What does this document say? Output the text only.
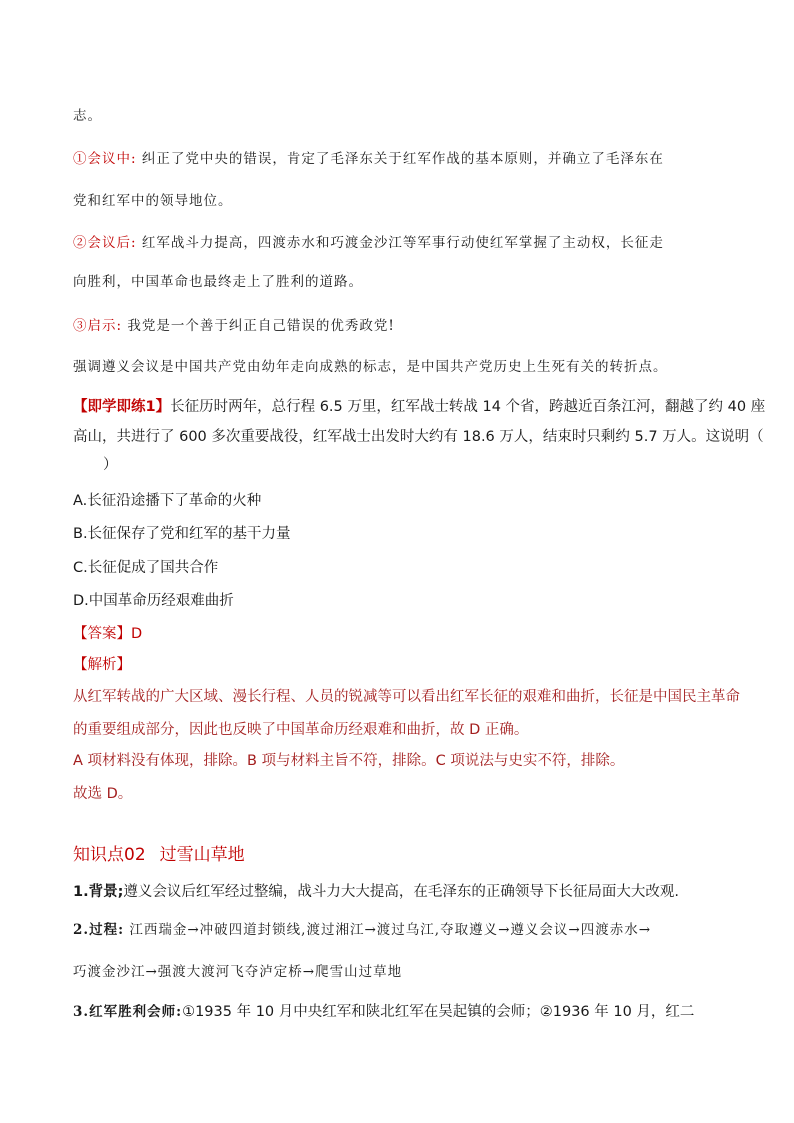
志。
①会议中: 纠正了党中央的错误，肯定了毛泽东关于红军作战的基本原则，并确立了毛泽东在
党和红军中的领导地位。
②会议后: 红军战斗力提高，四渡赤水和巧渡金沙江等军事行动使红军掌握了主动权，长征走
向胜利，中国革命也最终走上了胜利的道路。
③启示: 我党是一个善于纠正自己错误的优秀政党!
强调遵义会议是中国共产党由幼年走向成熟的标志，是中国共产党历史上生死有关的转折点。
【即学即练1】长征历时两年，总行程 6.5 万里，红军战士转战 14 个省，跨越近百条江河，翻越了约 40 座
高山，共进行了 600 多次重要战役，红军战士出发时大约有 18.6 万人，结束时只剩约 5.7 万人。这说明（
）
A.长征沿途播下了革命的火种
B.长征保存了党和红军的基干力量
C.长征促成了国共合作
D.中国革命历经艰难曲折
【答案】D
【解析】
从红军转战的广大区域、漫长行程、人员的锐减等可以看出红军长征的艰难和曲折，长征是中国民主革命
的重要组成部分，因此也反映了中国革命历经艰难和曲折，故 D 正确。
A 项材料没有体现，排除。B 项与材料主旨不符，排除。C 项说法与史实不符，排除。
故选 D。
知识点02 过雪山草地
1.背景;遵义会议后红军经过整编，战斗力大大提高，在毛泽东的正确领导下长征局面大大改观.
2.过程: 江西瑞金→冲破四道封锁线,渡过湘江→渡过乌江,夺取遵义→遵义会议→四渡赤水→
巧渡金沙江→强渡大渡河飞夺泸定桥→爬雪山过草地
3.红军胜利会师:①1935 年 10 月中央红军和陕北红军在吴起镇的会师；②1936 年 10 月，红二
